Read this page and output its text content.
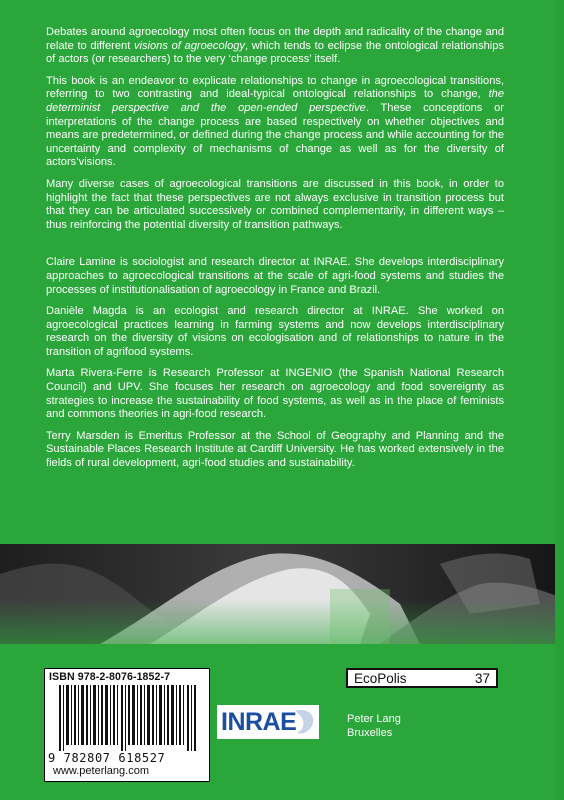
Debates around agroecology most often focus on the depth and radicality of the change and relate to different visions of agroecology, which tends to eclipse the ontological relationships of actors (or researchers) to the very ‘change process’ itself.

This book is an endeavor to explicate relationships to change in agroecological transitions, referring to two contrasting and ideal-typical ontological relationships to change, the determinist perspective and the open-ended perspective. These conceptions or interpretations of the change process are based respectively on whether objectives and means are predetermined, or defined during the change process and while accounting for the uncertainty and complexity of mechanisms of change as well as for the diversity of actors’visions.

Many diverse cases of agroecological transitions are discussed in this book, in order to highlight the fact that these perspectives are not always exclusive in transition process but that they can be articulated successively or combined complementarily, in different ways – thus reinforcing the potential diversity of transition pathways.

Claire Lamine is sociologist and research director at INRAE. She develops interdisciplinary approaches to agroecological transitions at the scale of agri-food systems and studies the processes of institutionalisation of agroecology in France and Brazil.

Danièle Magda is an ecologist and research director at INRAE. She worked on agroecological practices learning in farming systems and now develops interdisciplinary research on the diversity of visions on ecologisation and of relationships to nature in the transition of agrifood systems.

Marta Rivera-Ferre is Research Professor at INGENIO (the Spanish National Research Council) and UPV. She focuses her research on agroecology and food sovereignty as strategies to increase the sustainability of food systems, as well as in the place of feminists and commons theories in agri-food research.

Terry Marsden is Emeritus Professor at the School of Geography and Planning and the Sustainable Places Research Institute at Cardiff University. He has worked extensively in the fields of rural development, agri-food studies and sustainability.

ISBN 978-2-8076-1852-7
9 782807 618527
www.peterlang.com
EcoPolis	37
INRAE	Peter Lang
Bruxelles
